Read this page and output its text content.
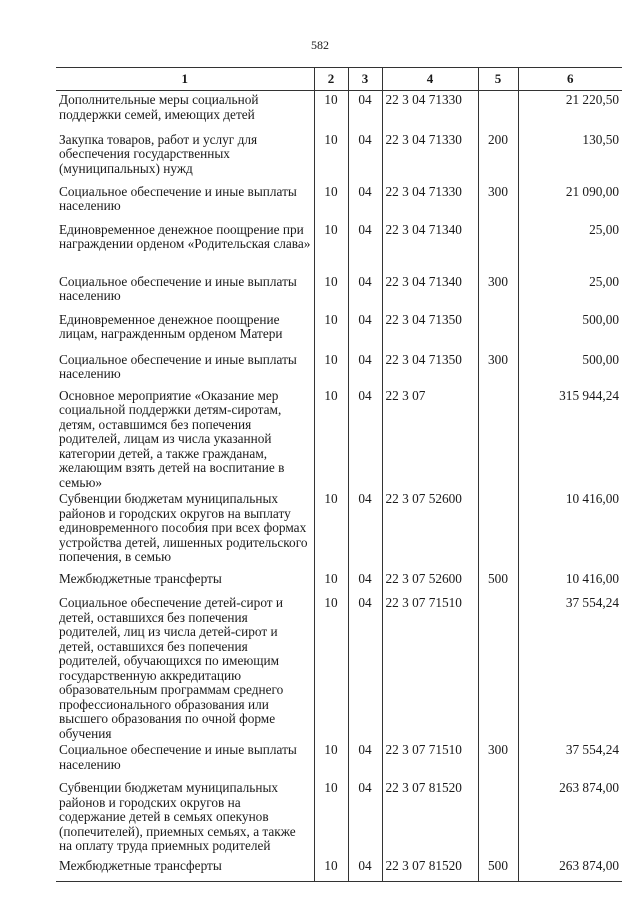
582
1	2	3	4	5	6
Дополнительные меры социальной поддержки семей, имеющих детей	10	04	22 3 04 71330		21 220,50
Закупка товаров, работ и услуг для обеспечения государственных (муниципальных) нужд	10	04	22 3 04 71330	200	130,50
Социальное обеспечение и иные выплаты населению	10	04	22 3 04 71330	300	21 090,00
Единовременное денежное поощрение при награждении орденом «Родительская слава»	10	04	22 3 04 71340		25,00
Социальное обеспечение и иные выплаты населению	10	04	22 3 04 71340	300	25,00
Единовременное денежное поощрение лицам, награжденным орденом Матери	10	04	22 3 04 71350		500,00
Социальное обеспечение и иные выплаты населению	10	04	22 3 04 71350	300	500,00
Основное мероприятие «Оказание мер социальной поддержки детям-сиротам, детям, оставшимся без попечения родителей, лицам из числа указанной категории детей, а также гражданам, желающим взять детей на воспитание в семью»	10	04	22 3 07		315 944,24
Субвенции бюджетам муниципальных районов и городских округов на выплату единовременного пособия при всех формах устройства детей, лишенных родительского попечения, в семью	10	04	22 3 07 52600		10 416,00
Межбюджетные трансферты	10	04	22 3 07 52600	500	10 416,00
Социальное обеспечение детей-сирот и детей, оставшихся без попечения родителей, лиц из числа детей-сирот и детей, оставшихся без попечения родителей, обучающихся по имеющим государственную аккредитацию образовательным программам среднего профессионального образования или высшего образования по очной форме обучения	10	04	22 3 07 71510		37 554,24
Социальное обеспечение и иные выплаты населению	10	04	22 3 07 71510	300	37 554,24
Субвенции бюджетам муниципальных районов и городских округов на содержание детей в семьях опекунов (попечителей), приемных семьях, а также на оплату труда приемных родителей	10	04	22 3 07 81520		263 874,00
Межбюджетные трансферты	10	04	22 3 07 81520	500	263 874,00
